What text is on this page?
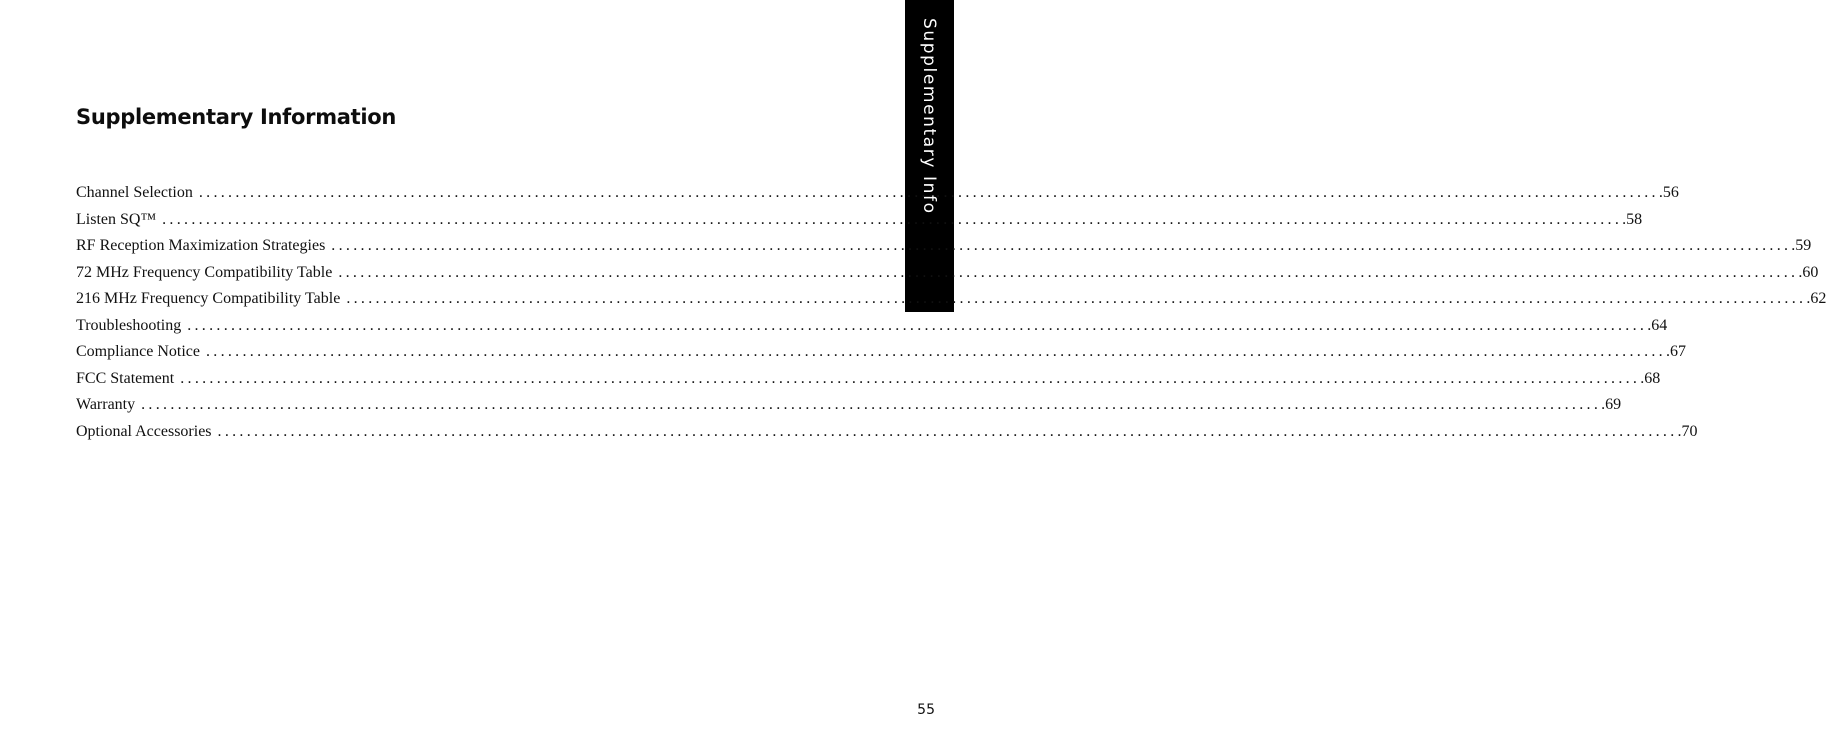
Supplementary Info
Supplementary Information
Channel Selection ........................................................................................................................................................................................................ .56
Listen SQ™ ........................................................................................................................................................................................................ .58
RF Reception Maximization Strategies ........................................................................................................................................................................................................ .59
72 MHz Frequency Compatibility Table ........................................................................................................................................................................................................ .60
216 MHz Frequency Compatibility Table ........................................................................................................................................................................................................ .62
Troubleshooting ........................................................................................................................................................................................................ .64
Compliance Notice ........................................................................................................................................................................................................ .67
FCC Statement ........................................................................................................................................................................................................ .68
Warranty ........................................................................................................................................................................................................ .69
Optional Accessories ........................................................................................................................................................................................................ .70
55
